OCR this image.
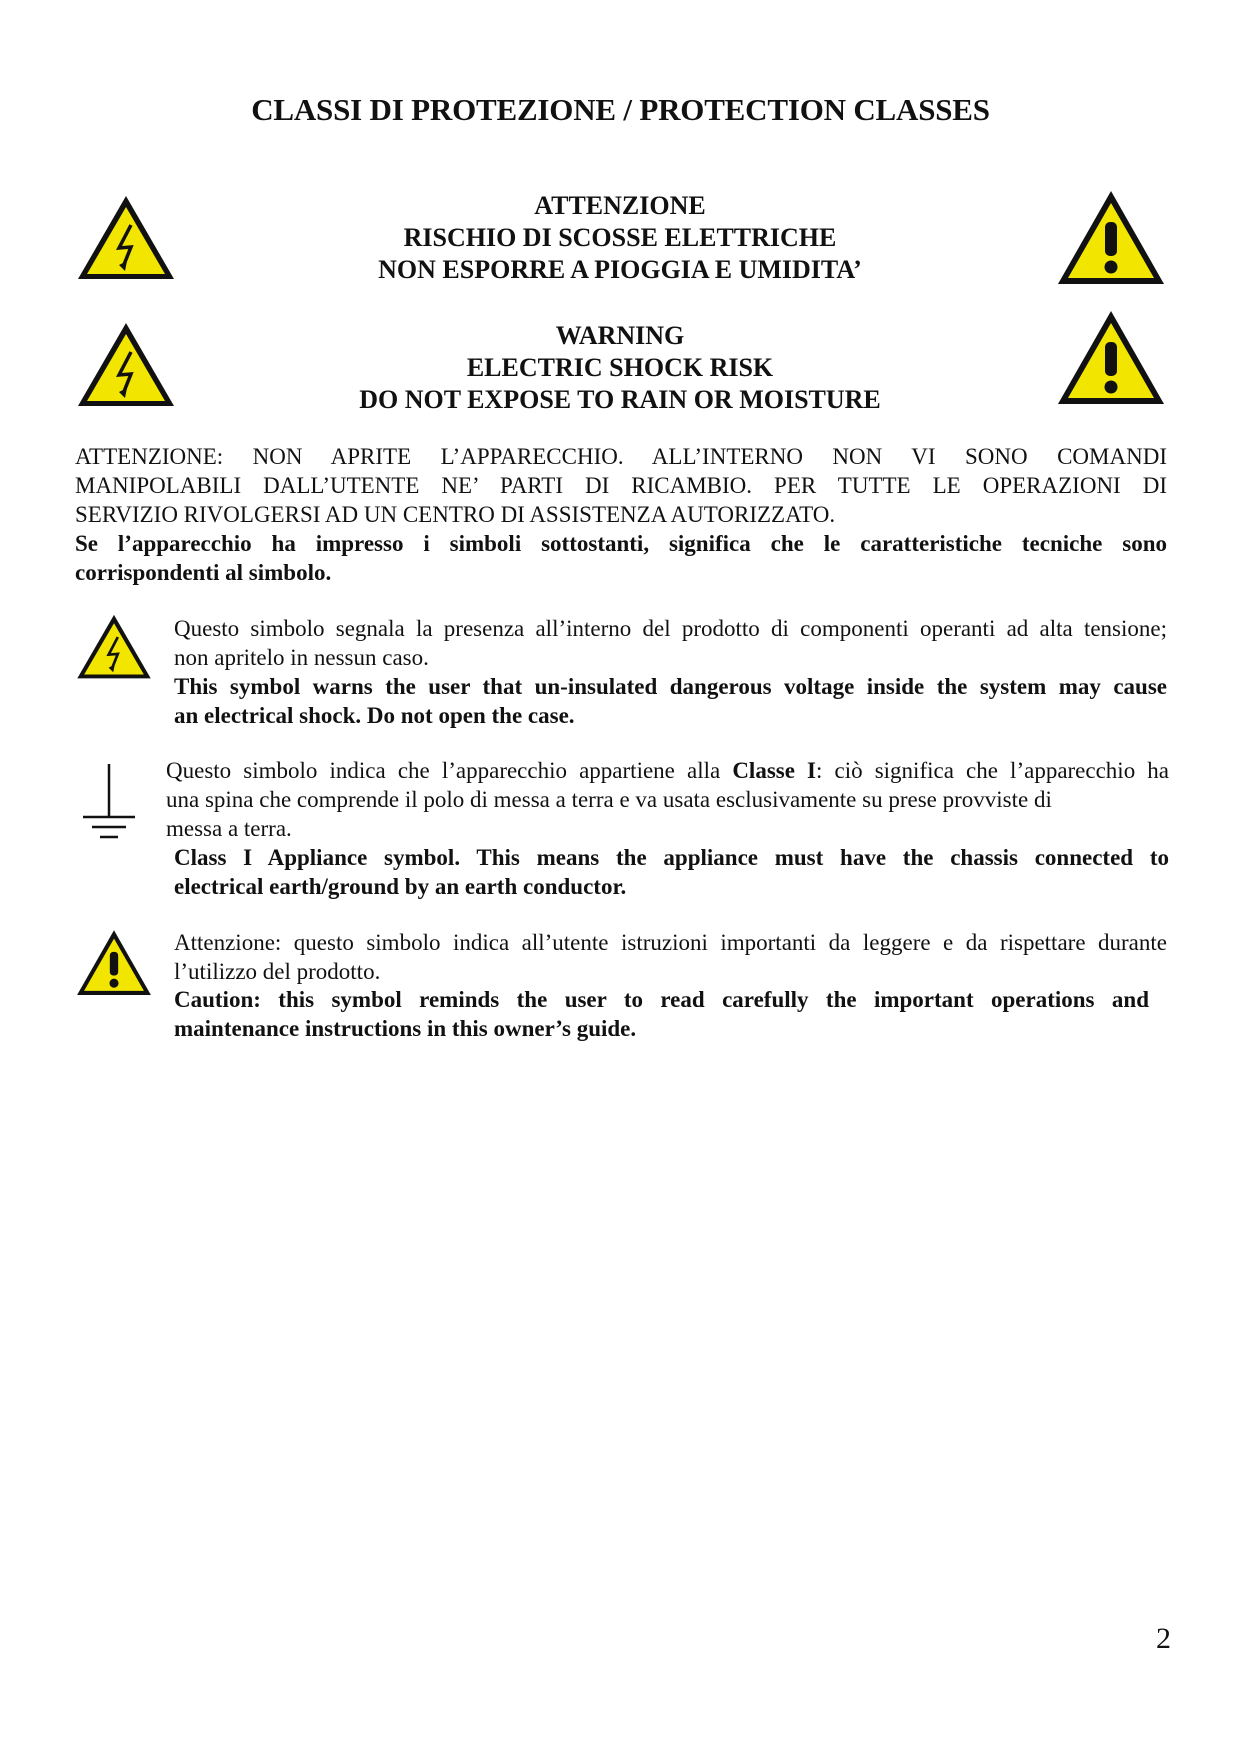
CLASSI DI PROTEZIONE / PROTECTION CLASSES
ATTENZIONE
RISCHIO DI SCOSSE ELETTRICHE
NON ESPORRE A PIOGGIA E UMIDITA’
WARNING
ELECTRIC SHOCK RISK
DO NOT EXPOSE TO RAIN OR MOISTURE
ATTENZIONE: NON APRITE L’APPARECCHIO. ALL’INTERNO NON VI SONO COMANDI
MANIPOLABILI DALL’UTENTE NE’ PARTI DI RICAMBIO. PER TUTTE LE OPERAZIONI DI
SERVIZIO RIVOLGERSI AD UN CENTRO DI ASSISTENZA AUTORIZZATO.
Se l’apparecchio ha impresso i simboli sottostanti, significa che le caratteristiche tecniche sono
corrispondenti al simbolo.
Questo simbolo segnala la presenza all’interno del prodotto di componenti operanti ad alta tensione;
non apritelo in nessun caso.
This symbol warns the user that un-insulated dangerous voltage inside the system may cause
an electrical shock. Do not open the case.
Questo simbolo indica che l’apparecchio appartiene alla Classe I: ciò significa che l’apparecchio ha
una spina che comprende il polo di messa a terra e va usata esclusivamente su prese provviste di
messa a terra.
Class I Appliance symbol. This means the appliance must have the chassis connected to
electrical earth/ground by an earth conductor.
Attenzione: questo simbolo indica all’utente istruzioni importanti da leggere e da rispettare durante
l’utilizzo del prodotto.
Caution: this symbol reminds the user to read carefully the important operations and
maintenance instructions in this owner’s guide.
2
